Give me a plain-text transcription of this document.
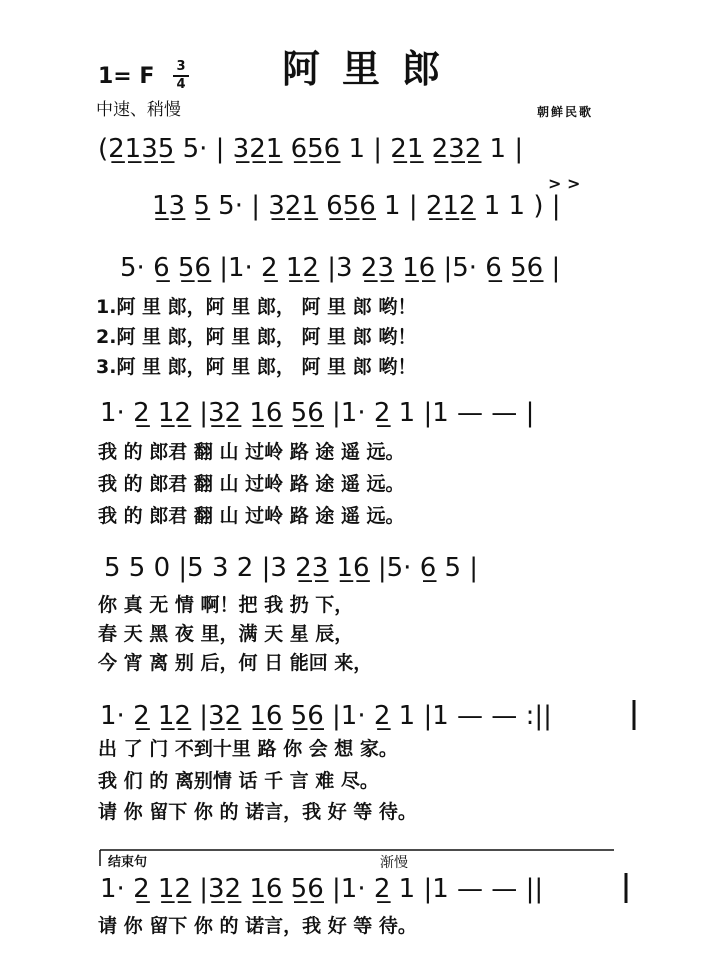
1= F 3
4	阿里郎
中速、稍慢	朝鲜民歌
(2̲1̲3̲5̲ 5· | 3̲2̲1̲ 6̲5̲6̲ 1 | 2̲1̲ 2̲3̲2̲ 1 |
> >
1̲3̲ 5̲ 5· | 3̲2̲1̲ 6̲5̲6̲ 1 | 2̲1̲2̲ 1 1 ) |
5· 6̲ 5̲6̲ |1· 2̲ 1̲2̲ |3 2̲3̲ 1̲6̲ |5· 6̲ 5̲6̲ |
1.阿 里 郎，阿 里 郎， 阿 里 郎 哟！
2.阿 里 郎，阿 里 郎， 阿 里 郎 哟！
3.阿 里 郎，阿 里 郎， 阿 里 郎 哟！
1· 2̲ 1̲2̲ |3̲2̲ 1̲6̲ 5̲6̲ |1· 2̲ 1 |1 — — |
我 的 郎君 翻 山 过岭 路 途 遥 远。
我 的 郎君 翻 山 过岭 路 途 遥 远。
我 的 郎君 翻 山 过岭 路 途 遥 远。
5 5 0 |5 3 2 |3 2̲3̲ 1̲6̲ |5· 6̲ 5 |
你 真 无 情 啊！把 我 扔 下，
春 天 黑 夜 里，满 天 星 辰，
今 宵 离 别 后，何 日 能回 来，
1· 2̲ 1̲2̲ |3̲2̲ 1̲6̲ 5̲6̲ |1· 2̲ 1 |1 — — :||
出 了 门 不到十里 路 你 会 想 家。
我 们 的 离别情 话 千 言 难 尽。
请 你 留下 你 的 诺言，我 好 等 待。
结束句	渐慢
1· 2̲ 1̲2̲ |3̲2̲ 1̲6̲ 5̲6̲ |1· 2̲ 1 |1 — — ||
请 你 留下 你 的 诺言，我 好 等 待。
